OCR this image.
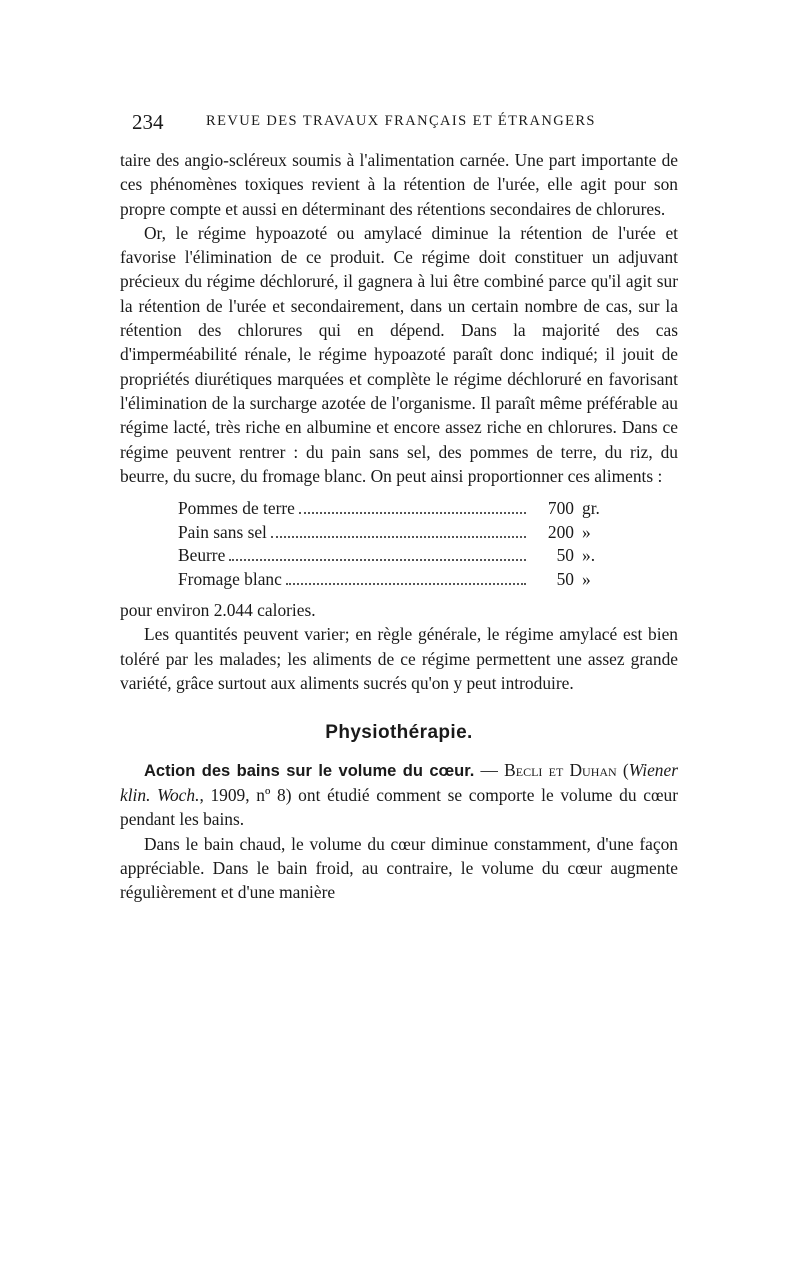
234	REVUE DES TRAVAUX FRANÇAIS ET ÉTRANGERS

taire des angio-scléreux soumis à l'alimentation carnée. Une part importante de ces phénomènes toxiques revient à la rétention de l'urée, elle agit pour son propre compte et aussi en déterminant des rétentions secondaires de chlorures.

Or, le régime hypoazoté ou amylacé diminue la rétention de l'urée et favorise l'élimination de ce produit. Ce régime doit constituer un adjuvant précieux du régime déchloruré, il gagnera à lui être combiné parce qu'il agit sur la rétention de l'urée et secondairement, dans un certain nombre de cas, sur la rétention des chlorures qui en dépend. Dans la majorité des cas d'imperméabilité rénale, le régime hypoazoté paraît donc indiqué; il jouit de propriétés diurétiques marquées et complète le régime déchloruré en favorisant l'élimination de la surcharge azotée de l'organisme. Il paraît même préférable au régime lacté, très riche en albumine et encore assez riche en chlorures. Dans ce régime peuvent rentrer : du pain sans sel, des pommes de terre, du riz, du beurre, du sucre, du fromage blanc. On peut ainsi proportionner ces aliments :

Pommes de terre	700 gr.
Pain sans sel	200 »
Beurre	50 ».
Fromage blanc	50 »

pour environ 2.044 calories.

Les quantités peuvent varier; en règle générale, le régime amylacé est bien toléré par les malades; les aliments de ce régime permettent une assez grande variété, grâce surtout aux aliments sucrés qu'on y peut introduire.

Physiothérapie.

Action des bains sur le volume du cœur. — Becli et Duhan (Wiener klin. Woch., 1909, nº 8) ont étudié comment se comporte le volume du cœur pendant les bains.

Dans le bain chaud, le volume du cœur diminue constamment, d'une façon appréciable. Dans le bain froid, au contraire, le volume du cœur augmente régulièrement et d'une manière
